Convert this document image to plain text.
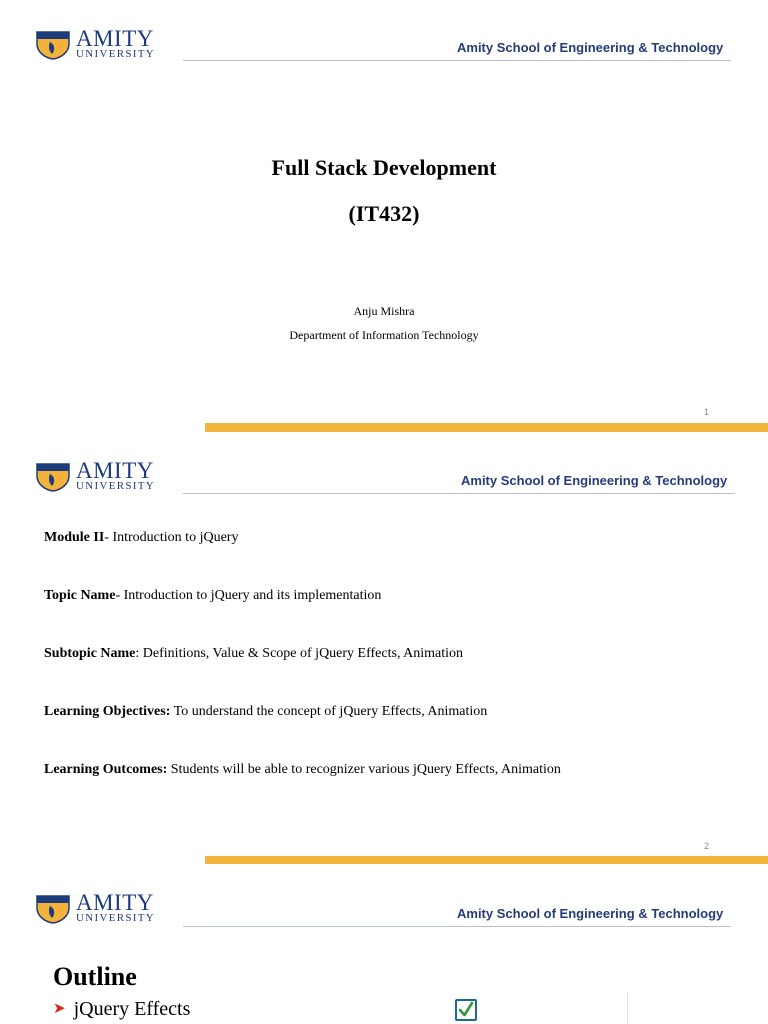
AMITY
UNIVERSITY	Amity School of Engineering & Technology
Full Stack Development
(IT432)
Anju Mishra
Department of Information Technology
1
AMITY
UNIVERSITY	Amity School of Engineering & Technology
Module II- Introduction to jQuery
Topic Name- Introduction to jQuery and its implementation
Subtopic Name: Definitions, Value & Scope of jQuery Effects, Animation
Learning Objectives: To understand the concept of jQuery Effects, Animation
Learning Outcomes: Students will be able to recognizer various jQuery Effects, Animation
2
AMITY
UNIVERSITY	Amity School of Engineering & Technology
Outline
➤ jQuery Effects
